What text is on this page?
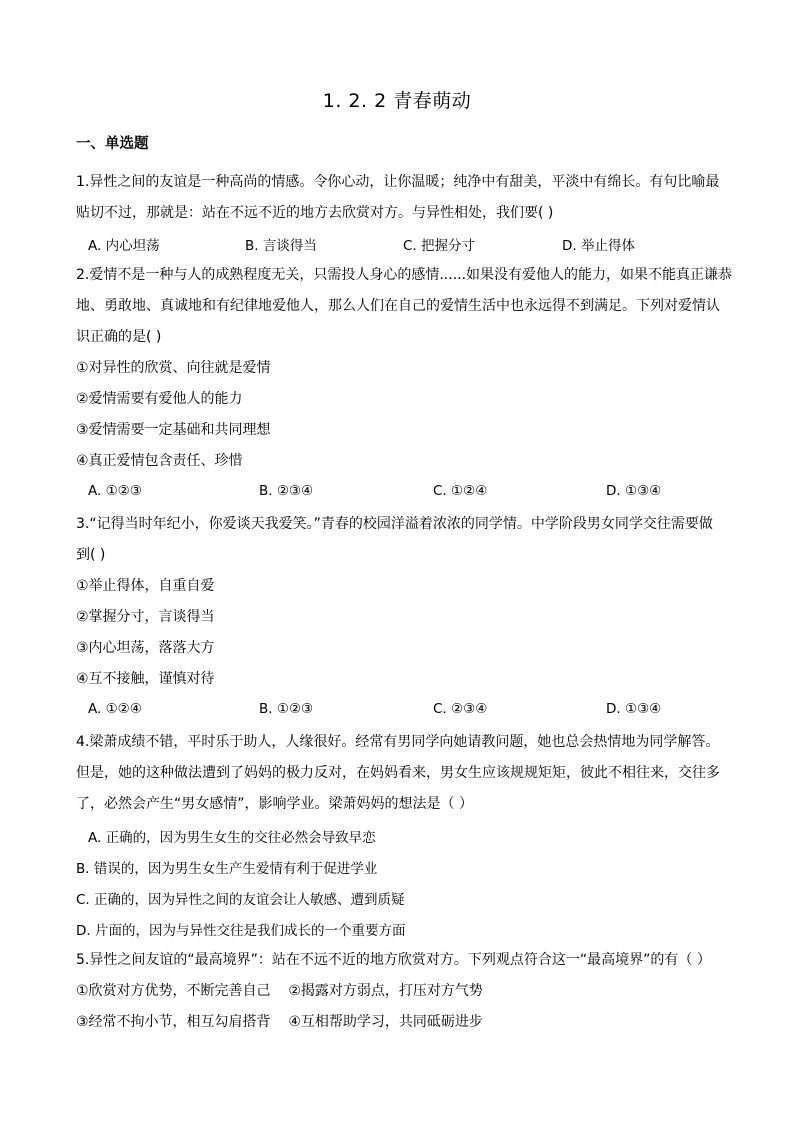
1. 2. 2 青春萌动
一、单选题
1.异性之间的友谊是一种高尚的情感。令你心动，让你温暖；纯净中有甜美，平淡中有绵长。有句比喻最
贴切不过，那就是：站在不远不近的地方去欣赏对方。与异性相处，我们要( )
A. 内心坦荡	B. 言谈得当	C. 把握分寸	D. 举止得体
2.爱情不是一种与人的成熟程度无关，只需投人身心的感情......如果没有爱他人的能力，如果不能真正谦恭
地、勇敢地、真诚地和有纪律地爱他人，那么人们在自己的爱情生活中也永远得不到满足。下列对爱情认
识正确的是( )
①对异性的欣赏、向往就是爱情
②爱情需要有爱他人的能力
③爱情需要一定基础和共同理想
④真正爱情包含责任、珍惜
A. ①②③	B. ②③④	C. ①②④	D. ①③④
3.“记得当时年纪小，你爱谈天我爱笑。”青春的校园洋溢着浓浓的同学情。中学阶段男女同学交往需要做
到( )
①举止得体，自重自爱
②掌握分寸，言谈得当
③内心坦荡，落落大方
④互不接触，谨慎对待
A. ①②④	B. ①②③	C. ②③④	D. ①③④
4.梁萧成绩不错，平时乐于助人，人缘很好。经常有男同学向她请教问题，她也总会热情地为同学解答。
但是，她的这种做法遭到了妈妈的极力反对，在妈妈看来，男女生应该规规矩矩，彼此不相往来，交往多
了，必然会产生“男女感情”，影响学业。梁萧妈妈的想法是（ ）
A. 正确的，因为男生女生的交往必然会导致早恋
B. 错误的，因为男生女生产生爱情有利于促进学业
C. 正确的，因为异性之间的友谊会让人敏感、遭到质疑
D. 片面的，因为与异性交往是我们成长的一个重要方面
5.异性之间友谊的“最高境界”：站在不远不近的地方欣赏对方。下列观点符合这一“最高境界”的有（ ）
①欣赏对方优势，不断完善自己    ②揭露对方弱点，打压对方气势
③经常不拘小节，相互勾肩搭背    ④互相帮助学习，共同砥砺进步
